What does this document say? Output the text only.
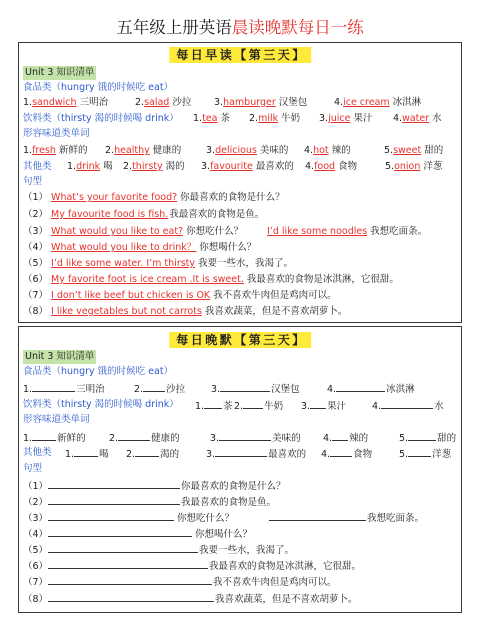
五年级上册英语晨读晚默每日一练
每日早读【第三天】
Unit 3 知识清单
食品类（hungry 饿的时候吃 eat）
1.sandwich 三明治	2.salad 沙拉 3.hamburger 汉堡包	4.ice cream 冰淇淋
饮料类（thirsty 渴的时候喝 drink） 1.tea 茶 2.milk 牛奶 3.juice 果汁 4.water 水
形容味道类单词
1.fresh 新鲜的 2.healthy 健康的	3.delicious 美味的 4.hot 辣的	5.sweet 甜的
其他类 1.drink 喝 2.thirsty 渴的 3.favourite 最喜欢的 4.food 食物	5.onion 洋葱
句型
（1） What’s your favorite food? 你最喜欢的食物是什么？
（2） My favourite food is fish.我最喜欢的食物是鱼。
（3） What would you like to eat? 你想吃什么？	I’d like some noodles 我想吃面条。
（4） What would you like to drink？ 你想喝什么？
（5） I’d like some water. I’m thirsty 我要一些水，我渴了。
（6） My favorite foot is ice cream .It is sweet. 我最喜欢的食物是冰淇淋，它很甜。
（7） I don’t like beef but chicken is OK 我不喜欢牛肉但是鸡肉可以。
（8） I like vegetables but not carrots 我喜欢蔬菜，但是不喜欢胡萝卜。
每日晚默【第三天】
Unit 3 知识清单
食品类（hungry 饿的时候吃 eat）
1.	三明治	2. 沙拉	3.	汉堡包	4.	冰淇淋
饮料类（thirsty 渴的时候喝 drink） 1. 茶 2. 牛奶 3. 果汁	4.	水
形容味道类单词
1.	新鲜的 2.	健康的	3.	美味的 4. 辣的	5.	甜的
其他类 1.	喝 2.	渴的	3.	最喜欢的 4. 食物	5.	洋葱
句型
（1）	你最喜欢的食物是什么？
（2）	我最喜欢的食物是鱼。
（3）	你想吃什么？	我想吃面条。
（4）	你想喝什么？
（5）	我要一些水，我渴了。
（6）	我最喜欢的食物是冰淇淋，它很甜。
（7）	我不喜欢牛肉但是鸡肉可以。
（8）	我喜欢蔬菜，但是不喜欢胡萝卜。
